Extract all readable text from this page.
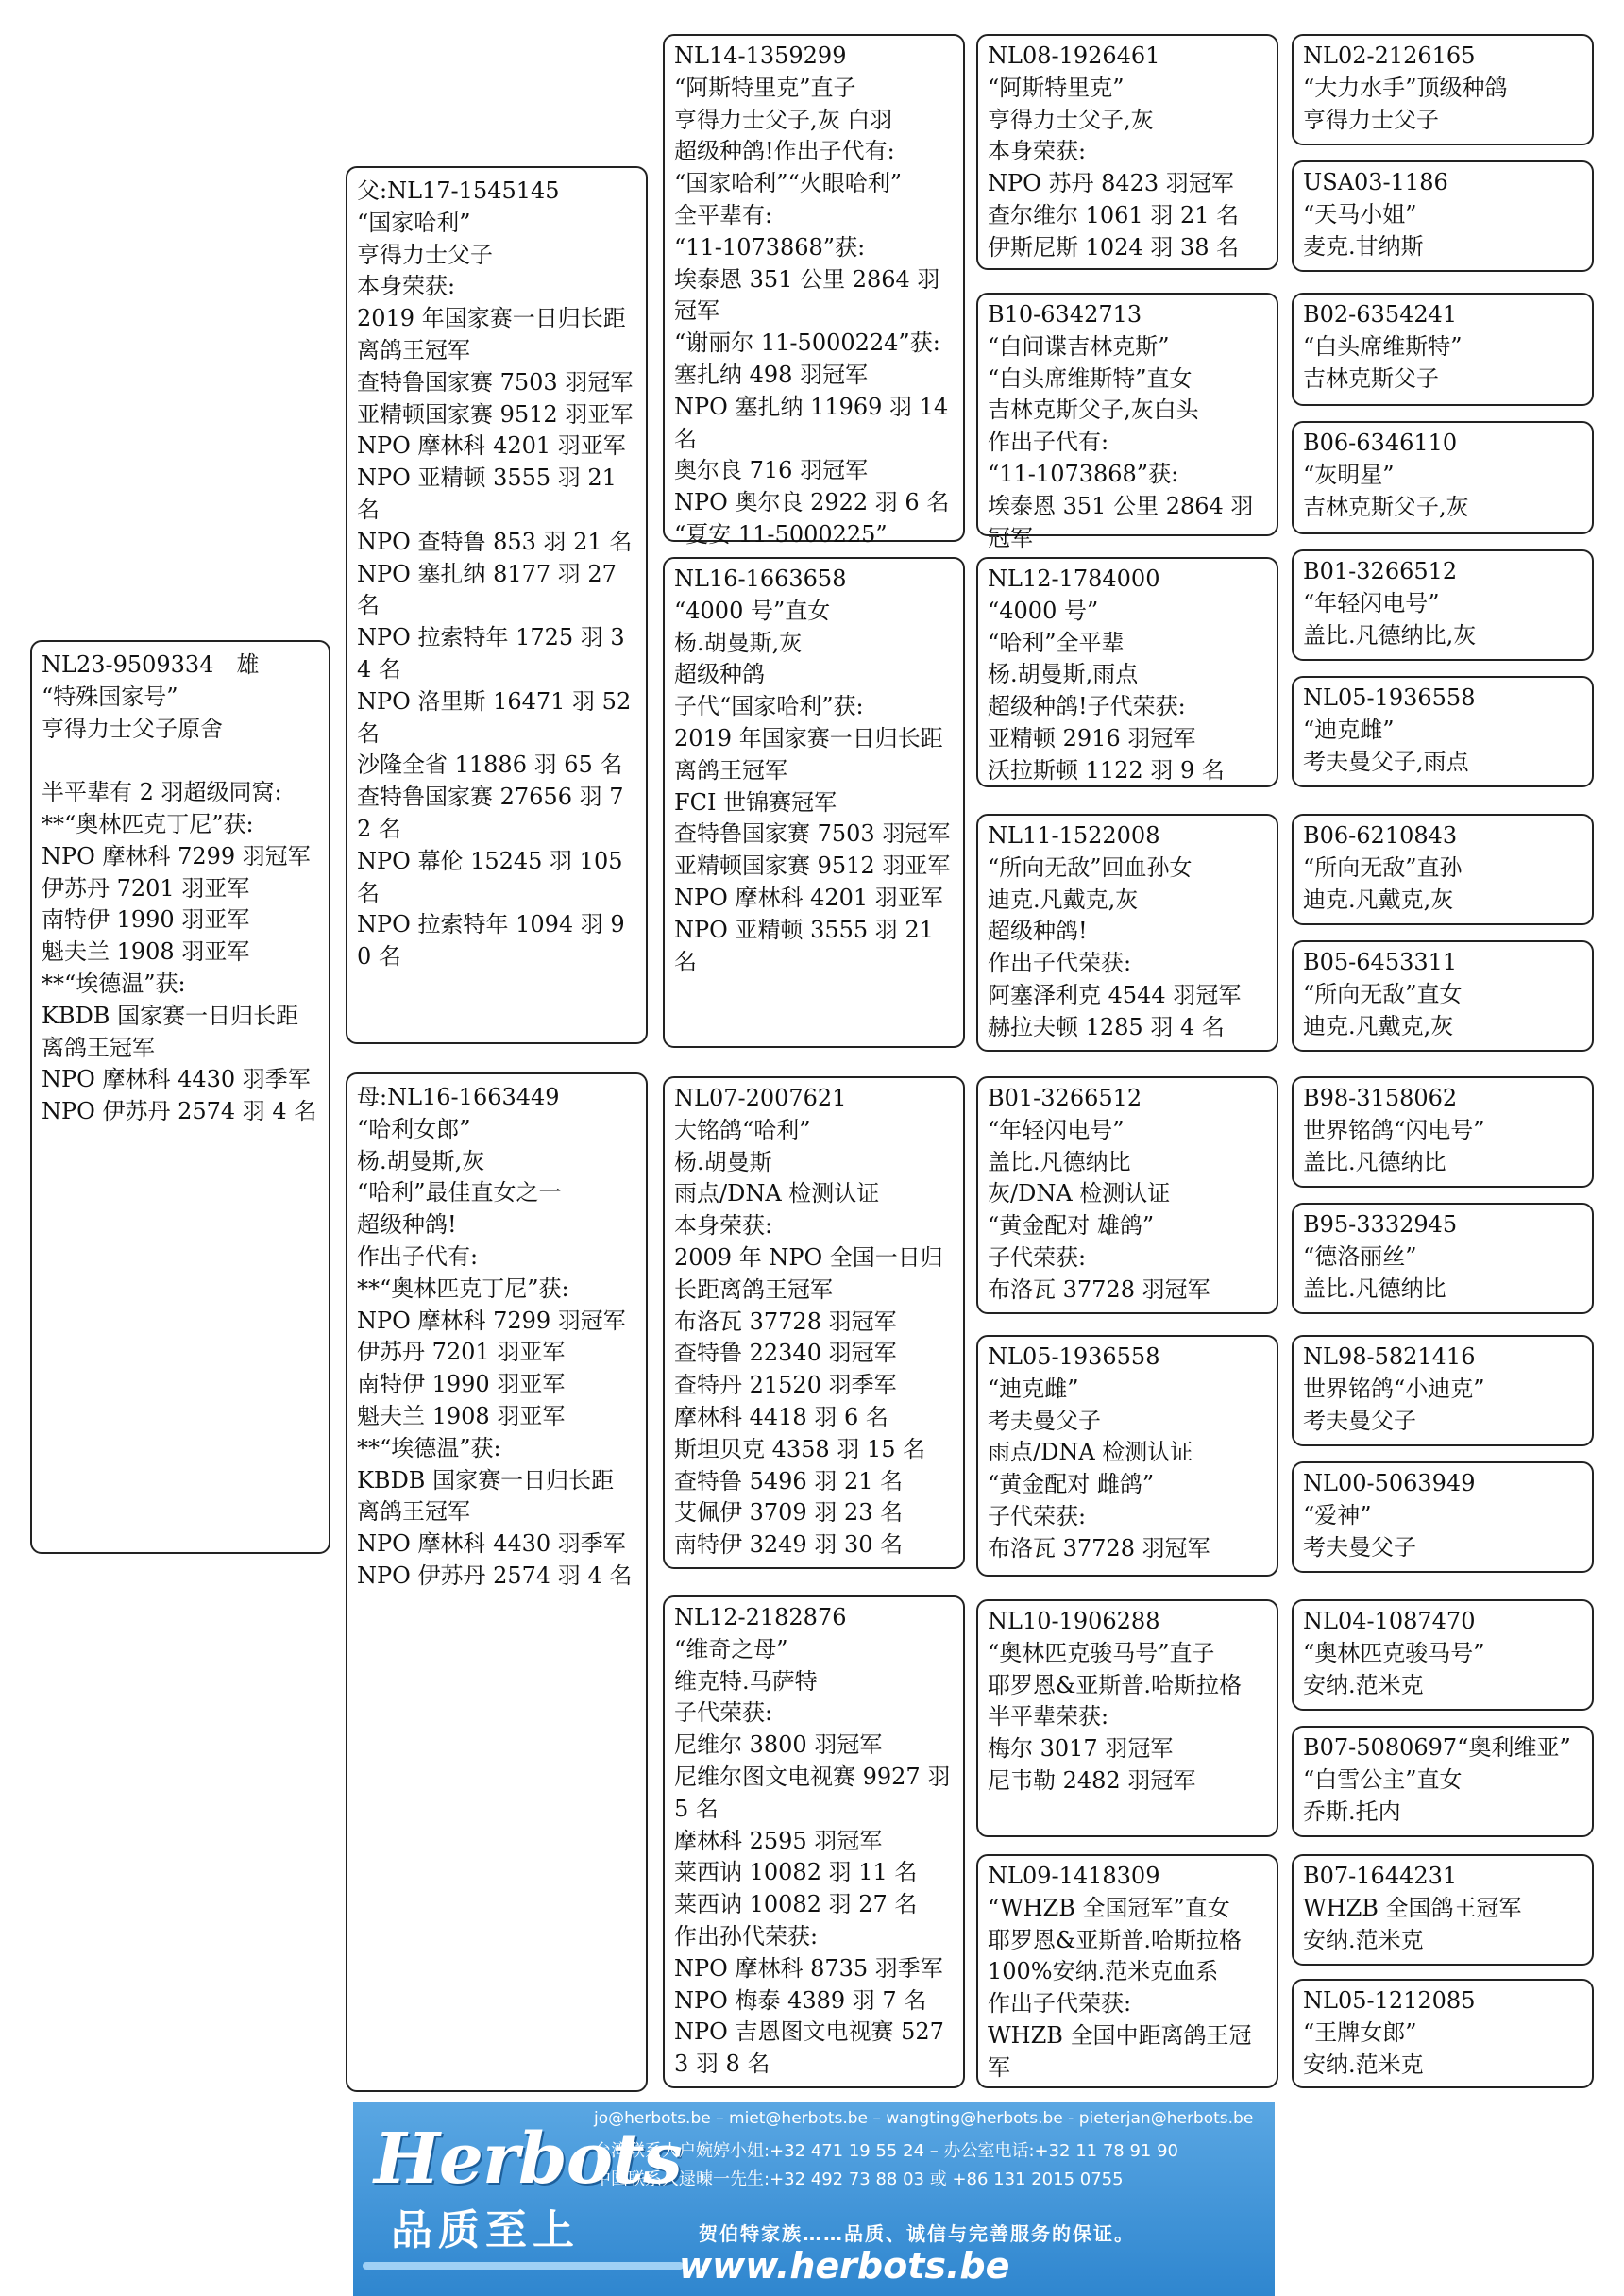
NL23-9509334　雄
“特殊国家号”
亨得力士父子原舍

半平辈有 2 羽超级同窝:
**“奥林匹克丁尼”获:
NPO 摩林科 7299 羽冠军
伊苏丹 7201 羽亚军
南特伊 1990 羽亚军
魁夫兰 1908 羽亚军
**“埃德温”获:
KBDB 国家赛一日归长距离鸽王冠军
NPO 摩林科 4430 羽季军
NPO 伊苏丹 2574 羽 4 名
父:NL17-1545145
“国家哈利”
亨得力士父子
本身荣获:
2019 年国家赛一日归长距离鸽王冠军
查特鲁国家赛 7503 羽冠军
亚精顿国家赛 9512 羽亚军
NPO 摩林科 4201 羽亚军
NPO 亚精顿 3555 羽 21 名
NPO 查特鲁 853 羽 21 名
NPO 塞扎纳 8177 羽 27 名
NPO 拉索特年 1725 羽 34 名
NPO 洛里斯 16471 羽 52 名
沙隆全省 11886 羽 65 名
查特鲁国家赛 27656 羽 72 名
NPO 幕伦 15245 羽 105 名
NPO 拉索特年 1094 羽 90 名
母:NL16-1663449
“哈利女郎”
杨.胡曼斯,灰
“哈利”最佳直女之一
超级种鸽!
作出子代有:
**“奥林匹克丁尼”获:
NPO 摩林科 7299 羽冠军
伊苏丹 7201 羽亚军
南特伊 1990 羽亚军
魁夫兰 1908 羽亚军
**“埃德温”获:
KBDB 国家赛一日归长距离鸽王冠军
NPO 摩林科 4430 羽季军
NPO 伊苏丹 2574 羽 4 名
NL14-1359299
“阿斯特里克”直子
亨得力士父子,灰 白羽
超级种鸽!作出子代有:
“国家哈利”“火眼哈利”
全平辈有:
“11-1073868”获:
埃泰恩 351 公里 2864 羽冠军
“谢丽尔 11-5000224”获:
塞扎纳 498 羽冠军
NPO 塞扎纳 11969 羽 14 名
奥尔良 716 羽冠军
NPO 奥尔良 2922 羽 6 名
“夏安 11-5000225”
NL16-1663658
“4000 号”直女
杨.胡曼斯,灰
超级种鸽
子代“国家哈利”获:
2019 年国家赛一日归长距离鸽王冠军
FCI 世锦赛冠军
查特鲁国家赛 7503 羽冠军
亚精顿国家赛 9512 羽亚军
NPO 摩林科 4201 羽亚军
NPO 亚精顿 3555 羽 21 名
NL07-2007621
大铭鸽“哈利”
杨.胡曼斯
雨点/DNA 检测认证
本身荣获:
2009 年 NPO 全国一日归长距离鸽王冠军
布洛瓦 37728 羽冠军
查特鲁 22340 羽冠军
查特丹 21520 羽季军
摩林科 4418 羽 6 名
斯坦贝克 4358 羽 15 名
查特鲁 5496 羽 21 名
艾佩伊 3709 羽 23 名
南特伊 3249 羽 30 名
NL12-2182876
“维奇之母”
维克特.马萨特
子代荣获:
尼维尔 3800 羽冠军
尼维尔图文电视赛 9927 羽 5 名
摩林科 2595 羽冠军
莱西讷 10082 羽 11 名
莱西讷 10082 羽 27 名
作出孙代荣获:
NPO 摩林科 8735 羽季军
NPO 梅泰 4389 羽 7 名
NPO 吉恩图文电视赛 5273 羽 8 名
NL08-1926461
“阿斯特里克”
亨得力士父子,灰
本身荣获:
NPO 苏丹 8423 羽冠军
查尔维尔 1061 羽 21 名
伊斯尼斯 1024 羽 38 名
B10-6342713
“白间谍吉林克斯”
“白头席维斯特”直女
吉林克斯父子,灰白头
作出子代有:
“11-1073868”获:
埃泰恩 351 公里 2864 羽冠军
NL12-1784000
“4000 号”
“哈利”全平辈
杨.胡曼斯,雨点
超级种鸽!子代荣获:
亚精顿 2916 羽冠军
沃拉斯顿 1122 羽 9 名
NL11-1522008
“所向无敌”回血孙女
迪克.凡戴克,灰
超级种鸽!
作出子代荣获:
阿塞泽利克 4544 羽冠军
赫拉夫顿 1285 羽 4 名
B01-3266512
“年轻闪电号”
盖比.凡德纳比
灰/DNA 检测认证
“黄金配对 雄鸽”
子代荣获:
布洛瓦 37728 羽冠军
NL05-1936558
“迪克雌”
考夫曼父子
雨点/DNA 检测认证
“黄金配对 雌鸽”
子代荣获:
布洛瓦 37728 羽冠军
NL10-1906288
“奥林匹克骏马号”直子
耶罗恩&亚斯普.哈斯拉格
半平辈荣获:
梅尔 3017 羽冠军
尼韦勒 2482 羽冠军
NL09-1418309
“WHZB 全国冠军”直女
耶罗恩&亚斯普.哈斯拉格
100%安纳.范米克血系
作出子代荣获:
WHZB 全国中距离鸽王冠军
NL02-2126165
“大力水手”顶级种鸽
亨得力士父子
USA03-1186
“天马小姐”
麦克.甘纳斯
B02-6354241
“白头席维斯特”
吉林克斯父子
B06-6346110
“灰明星”
吉林克斯父子,灰
B01-3266512
“年轻闪电号”
盖比.凡德纳比,灰
NL05-1936558
“迪克雌”
考夫曼父子,雨点
B06-6210843
“所向无敌”直孙
迪克.凡戴克,灰
B05-6453311
“所向无敌”直女
迪克.凡戴克,灰
B98-3158062
世界铭鸽“闪电号”
盖比.凡德纳比
B95-3332945
“德洛丽丝”
盖比.凡德纳比
NL98-5821416
世界铭鸽“小迪克”
考夫曼父子
NL00-5063949
“爱神”
考夫曼父子
NL04-1087470
“奥林匹克骏马号”
安纳.范米克
B07-5080697“奥利维亚”
“白雪公主”直女
乔斯.托内
B07-1644231
WHZB 全国鸽王冠军
安纳.范米克
NL05-1212085
“王牌女郎”
安纳.范米克
Herbots
品质至上
jo@herbots.be – miet@herbots.be – wangting@herbots.be - pieterjan@herbots.be
台湾联系人户婉婷小姐:+32 471 19 55 24 – 办公室电话:+32 11 78 91 90
中国联系人逯暕一先生:+32 492 73 88 03 或 +86 131 2015 0755
贺伯特家族……品质、诚信与完善服务的保证。
www.herbots.be
